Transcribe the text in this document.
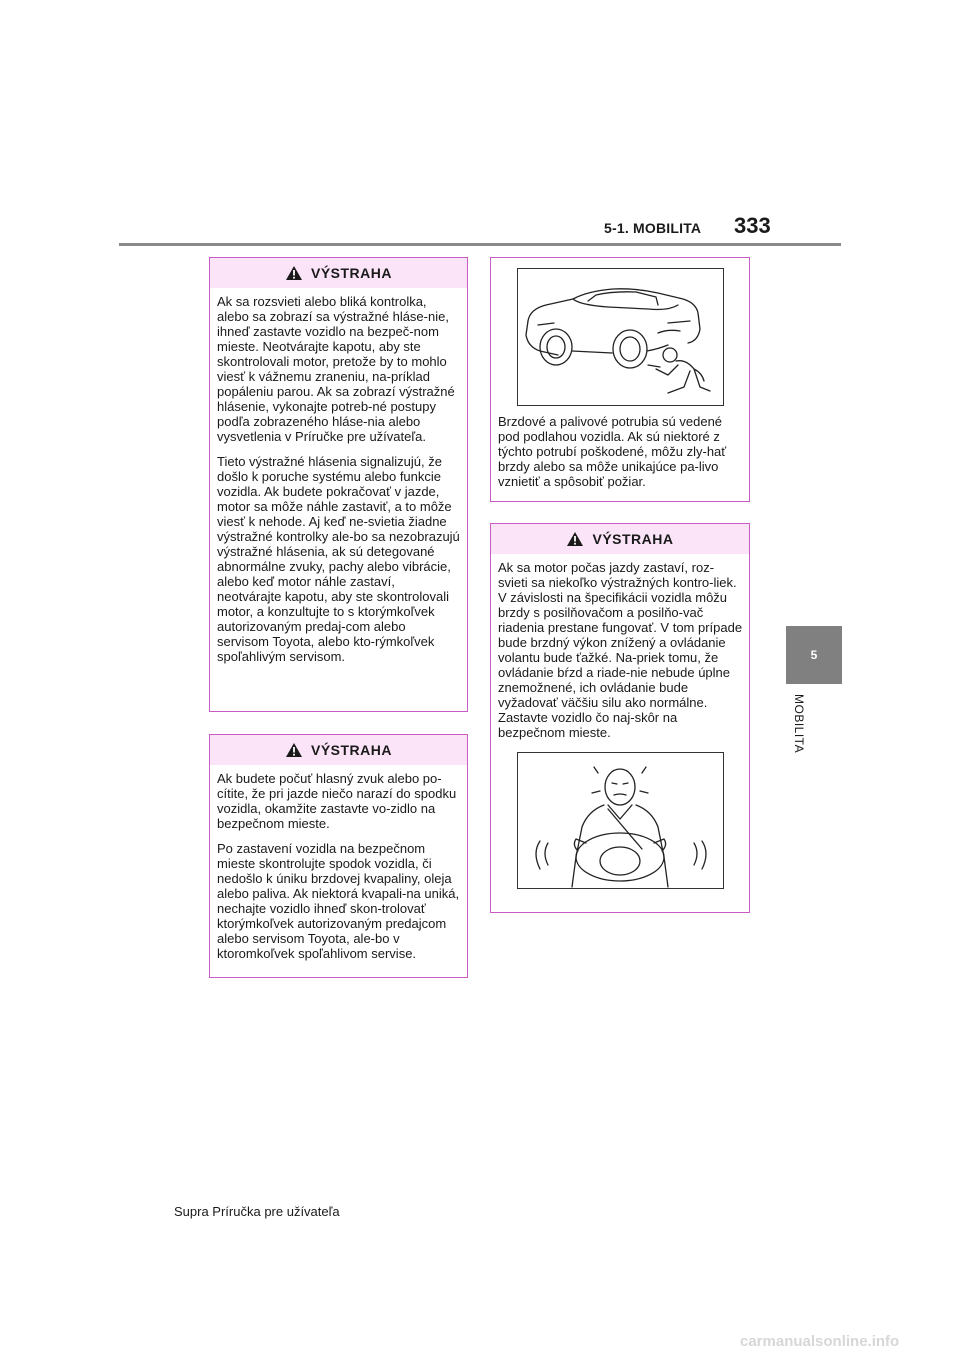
5-1. MOBILITA 333
5
MOBILITA
VÝSTRAHA

Ak sa rozsvieti alebo bliká kontrolka, alebo sa zobrazí sa výstražné hláse-nie, ihneď zastavte vozidlo na bezpeč-nom mieste. Neotvárajte kapotu, aby ste skontrolovali motor, pretože by to mohlo viesť k vážnemu zraneniu, na-príklad popáleniu parou. Ak sa zobrazí výstražné hlásenie, vykonajte potreb-né postupy podľa zobrazeného hláse-nia alebo vysvetlenia v Príručke pre užívateľa.

Tieto výstražné hlásenia signalizujú, že došlo k poruche systému alebo funkcie vozidla. Ak budete pokračovať v jazde, motor sa môže náhle zastaviť, a to môže viesť k nehode. Aj keď ne-svietia žiadne výstražné kontrolky ale-bo sa nezobrazujú výstražné hlásenia, ak sú detegované abnormálne zvuky, pachy alebo vibrácie, alebo keď motor náhle zastaví, neotvárajte kapotu, aby ste skontrolovali motor, a konzultujte to s ktorýmkoľvek autorizovaným predaj-com alebo servisom Toyota, alebo kto-rýmkoľvek spoľahlivým servisom.

VÝSTRAHA

Ak budete počuť hlasný zvuk alebo po-cítite, že pri jazde niečo narazí do spodku vozidla, okamžite zastavte vo-zidlo na bezpečnom mieste.

Po zastavení vozidla na bezpečnom mieste skontrolujte spodok vozidla, či nedošlo k úniku brzdovej kvapaliny, oleja alebo paliva. Ak niektorá kvapali-na uniká, nechajte vozidlo ihneď skon-trolovať ktorýmkoľvek autorizovaným predajcom alebo servisom Toyota, ale-bo v ktoromkoľvek spoľahlivom servise.

Brzdové a palivové potrubia sú vedené pod podlahou vozidla. Ak sú niektoré z týchto potrubí poškodené, môžu zly-hať brzdy alebo sa môže unikajúce pa-livo vznietiť a spôsobiť požiar.

VÝSTRAHA

Ak sa motor počas jazdy zastaví, roz-svieti sa niekoľko výstražných kontro-liek. V závislosti na špecifikácii vozidla môžu brzdy s posilňovačom a posilňo-vač riadenia prestane fungovať. V tom prípade bude brzdný výkon znížený a ovládanie volantu bude ťažké. Na-priek tomu, že ovládanie bŕzd a riade-nie nebude úplne znemožnené, ich ovládanie bude vyžadovať väčšiu silu ako normálne. Zastavte vozidlo čo naj-skôr na bezpečnom mieste.

Supra Príručka pre užívateľa
carmanualsonline.info
